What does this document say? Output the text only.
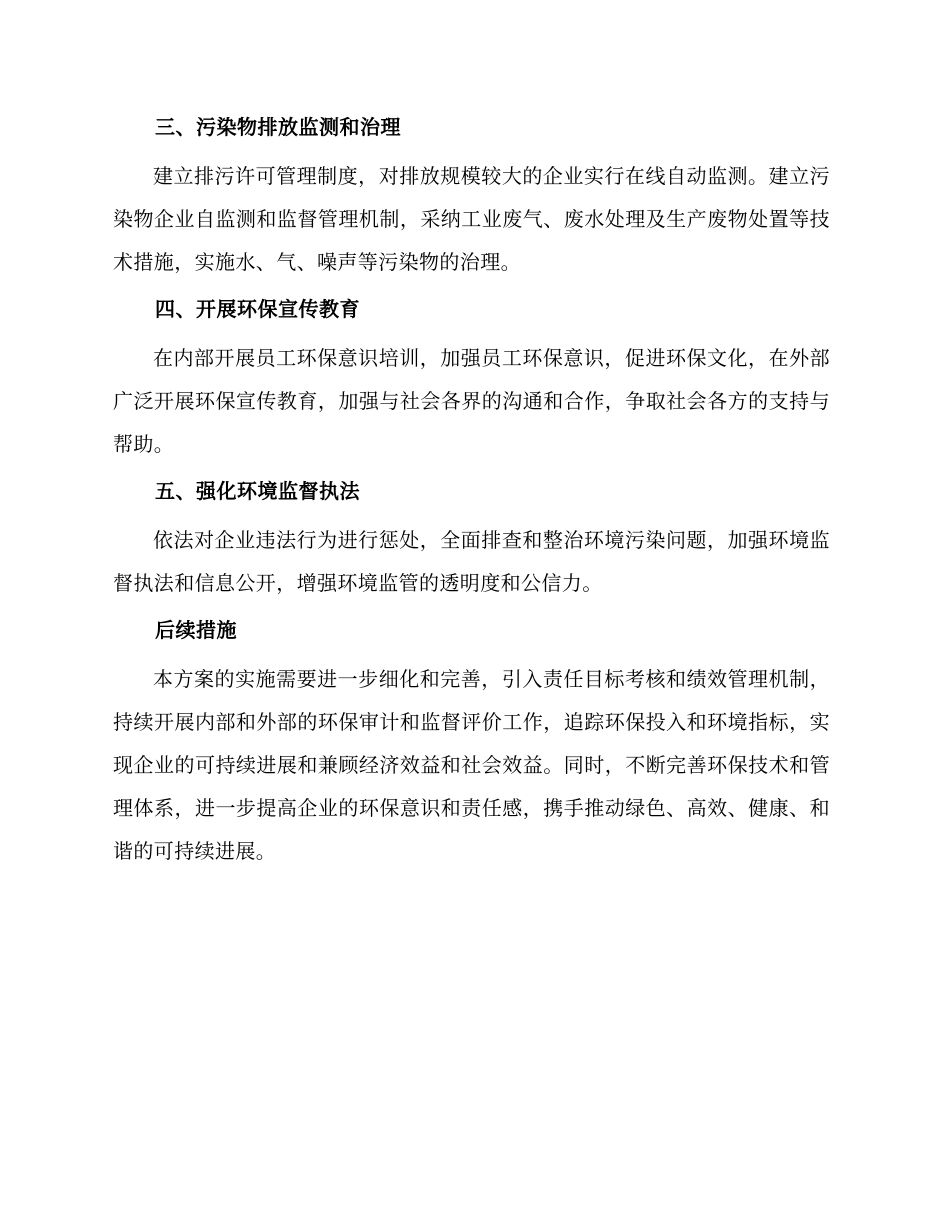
三、污染物排放监测和治理

建立排污许可管理制度，对排放规模较大的企业实行在线自动监测。建立污染物企业自监测和监督管理机制，采纳工业废气、废水处理及生产废物处置等技术措施，实施水、气、噪声等污染物的治理。

四、开展环保宣传教育

在内部开展员工环保意识培训，加强员工环保意识，促进环保文化，在外部广泛开展环保宣传教育，加强与社会各界的沟通和合作，争取社会各方的支持与帮助。

五、强化环境监督执法

依法对企业违法行为进行惩处，全面排查和整治环境污染问题，加强环境监督执法和信息公开，增强环境监管的透明度和公信力。

后续措施

本方案的实施需要进一步细化和完善，引入责任目标考核和绩效管理机制，持续开展内部和外部的环保审计和监督评价工作，追踪环保投入和环境指标，实现企业的可持续进展和兼顾经济效益和社会效益。同时，不断完善环保技术和管理体系，进一步提高企业的环保意识和责任感，携手推动绿色、高效、健康、和谐的可持续进展。
